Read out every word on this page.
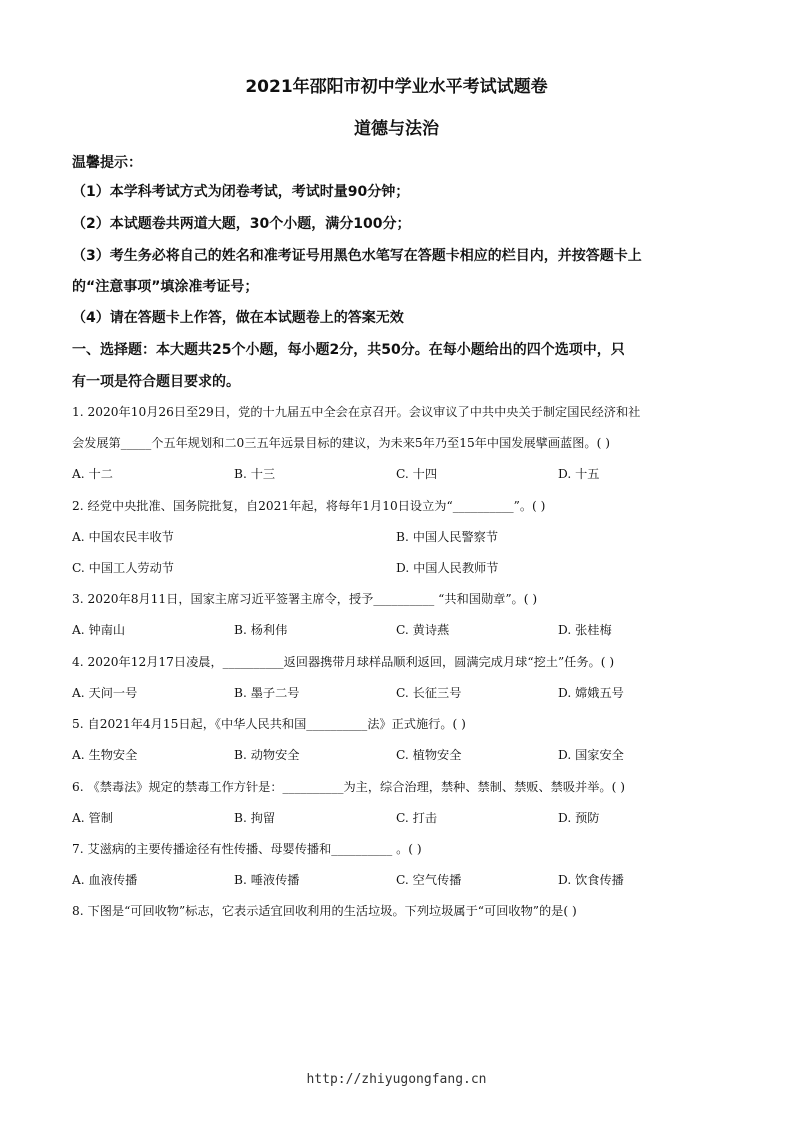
2021年邵阳市初中学业水平考试试题卷
道德与法治
温馨提示：
（1）本学科考试方式为闭卷考试，考试时量90分钟；
（2）本试题卷共两道大题，30个小题，满分100分；
（3）考生务必将自己的姓名和准考证号用黑色水笔写在答题卡相应的栏目内，并按答题卡上
的“注意事项”填涂准考证号；
（4）请在答题卡上作答，做在本试题卷上的答案无效
一、选择题：本大题共25个小题，每小题2分，共50分。在每小题给出的四个选项中，只
有一项是符合题目要求的。
1. 2020年10月26日至29日，党的十九届五中全会在京召开。会议审议了中共中央关于制定国民经济和社
会发展第_____个五年规划和二0三五年远景目标的建议，为未来5年乃至15年中国发展擘画蓝图。( )
A. 十二	B. 十三	C. 十四	D. 十五
2. 经党中央批准、国务院批复，自2021年起，将每年1月10日设立为“__________”。( )
A. 中国农民丰收节	B. 中国人民警察节
C. 中国工人劳动节	D. 中国人民教师节
3. 2020年8月11日，国家主席习近平签署主席令，授予__________ “共和国勋章”。( )
A. 钟南山	B. 杨利伟	C. 黄诗燕	D. 张桂梅
4. 2020年12月17日凌晨，__________返回器携带月球样品顺利返回，圆满完成月球“挖土”任务。( )
A. 天问一号	B. 墨子二号	C. 长征三号	D. 嫦娥五号
5. 自2021年4月15日起，《中华人民共和国__________法》正式施行。( )
A. 生物安全	B. 动物安全	C. 植物安全	D. 国家安全
6. 《禁毒法》规定的禁毒工作方针是：__________为主，综合治理，禁种、禁制、禁贩、禁吸并举。( )
A. 管制	B. 拘留	C. 打击	D. 预防
7. 艾滋病的主要传播途径有性传播、母婴传播和__________ 。( )
A. 血液传播	B. 唾液传播	C. 空气传播	D. 饮食传播
8. 下图是“可回收物”标志，它表示适宜回收利用的生活垃圾。下列垃圾属于“可回收物”的是( )
http://zhiyugongfang.cn
